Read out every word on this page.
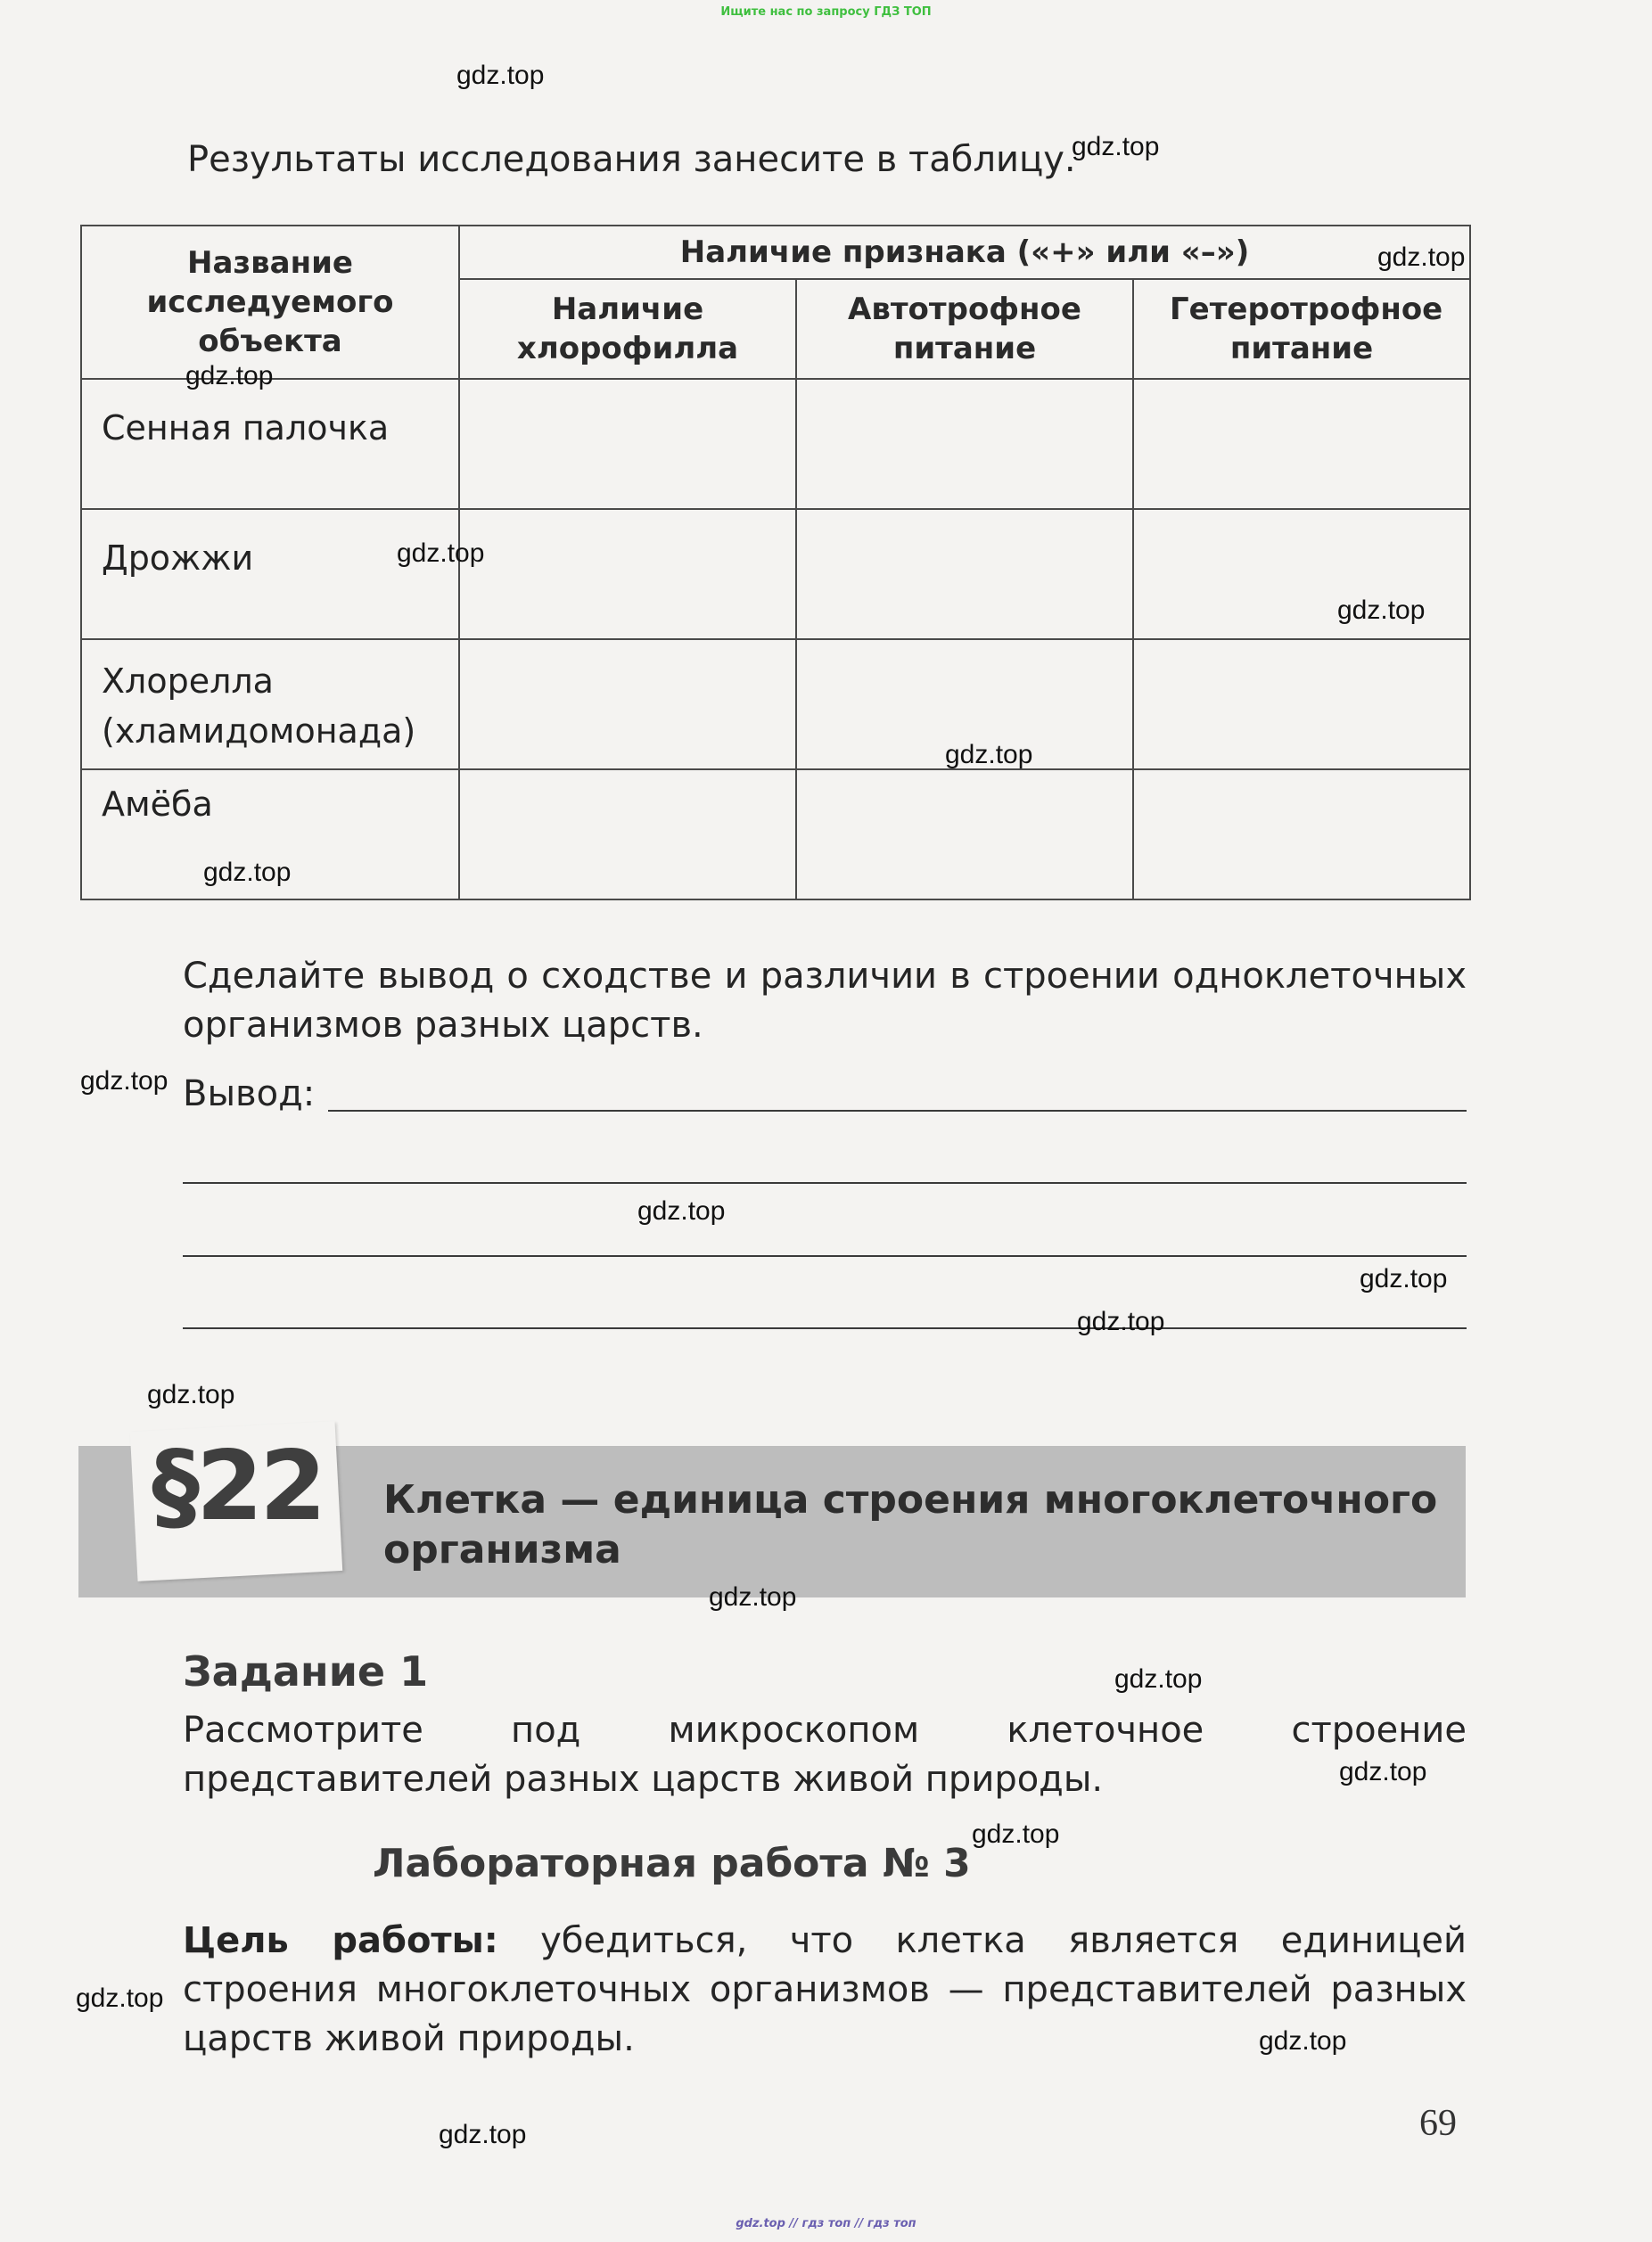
Ищите нас по запросу ГДЗ ТОП
Результаты исследования занесите в таблицу.
Название исследуемого объекта	Наличие признака («+» или «–»)		
	Наличие хлорофилла	Автотрофное питание	Гетеротрофное питание
Сенная палочка			
Дрожжи			
Хлорелла (хламидомонада)			
Амёба			
Сделайте вывод о сходстве и различии в строении одноклеточных организмов разных царств.
Вывод:
§22 Клетка — единица строения многоклеточного организма
Задание 1
Рассмотрите под микроскопом клеточное строение представителей разных царств живой природы.
Лабораторная работа № 3
Цель работы: убедиться, что клетка является единицей строения многоклеточных организмов — представителей разных царств живой природы.
69
gdz.top
gdz.top
gdz.top
gdz.top
gdz.top
gdz.top
gdz.top
gdz.top
gdz.top
gdz.top
gdz.top
gdz.top
gdz.top
gdz.top
gdz.top
gdz.top
gdz.top
gdz.top
gdz.top
gdz.top
gdz.top // гдз топ // гдз топ
